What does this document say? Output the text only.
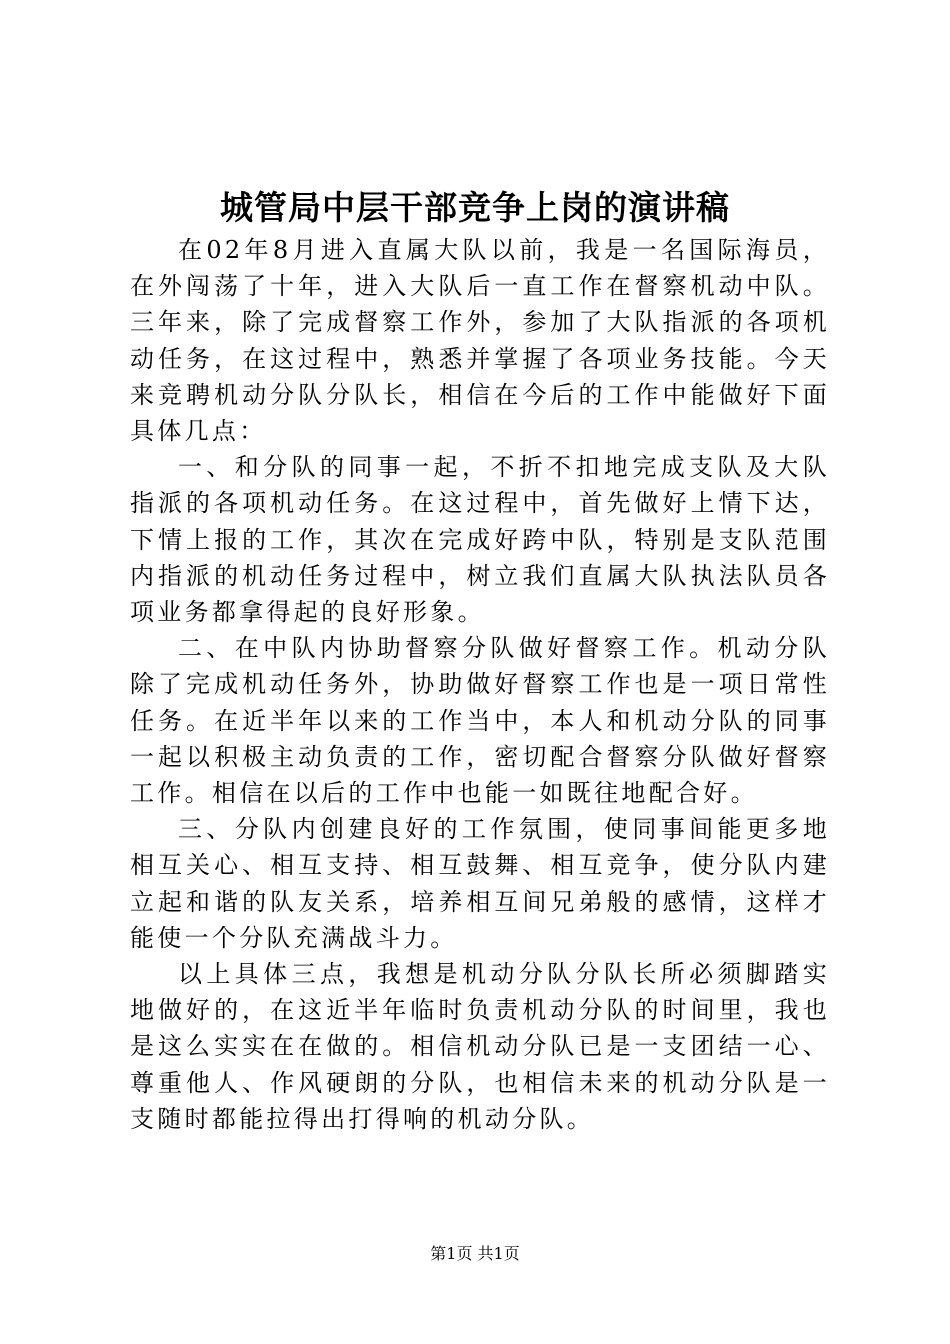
城管局中层干部竞争上岗的演讲稿

在02年8月进入直属大队以前，我是一名国际海员，在外闯荡了十年，进入大队后一直工作在督察机动中队。三年来，除了完成督察工作外，参加了大队指派的各项机动任务，在这过程中，熟悉并掌握了各项业务技能。今天来竞聘机动分队分队长，相信在今后的工作中能做好下面具体几点：

一、和分队的同事一起，不折不扣地完成支队及大队指派的各项机动任务。在这过程中，首先做好上情下达，下情上报的工作，其次在完成好跨中队，特别是支队范围内指派的机动任务过程中，树立我们直属大队执法队员各项业务都拿得起的良好形象。

二、在中队内协助督察分队做好督察工作。机动分队除了完成机动任务外，协助做好督察工作也是一项日常性任务。在近半年以来的工作当中，本人和机动分队的同事一起以积极主动负责的工作，密切配合督察分队做好督察工作。相信在以后的工作中也能一如既往地配合好。

三、分队内创建良好的工作氛围，使同事间能更多地相互关心、相互支持、相互鼓舞、相互竞争，使分队内建立起和谐的队友关系，培养相互间兄弟般的感情，这样才能使一个分队充满战斗力。

以上具体三点，我想是机动分队分队长所必须脚踏实地做好的，在这近半年临时负责机动分队的时间里，我也是这么实实在在做的。相信机动分队已是一支团结一心、尊重他人、作风硬朗的分队，也相信未来的机动分队是一支随时都能拉得出打得响的机动分队。

第1页 共1页
